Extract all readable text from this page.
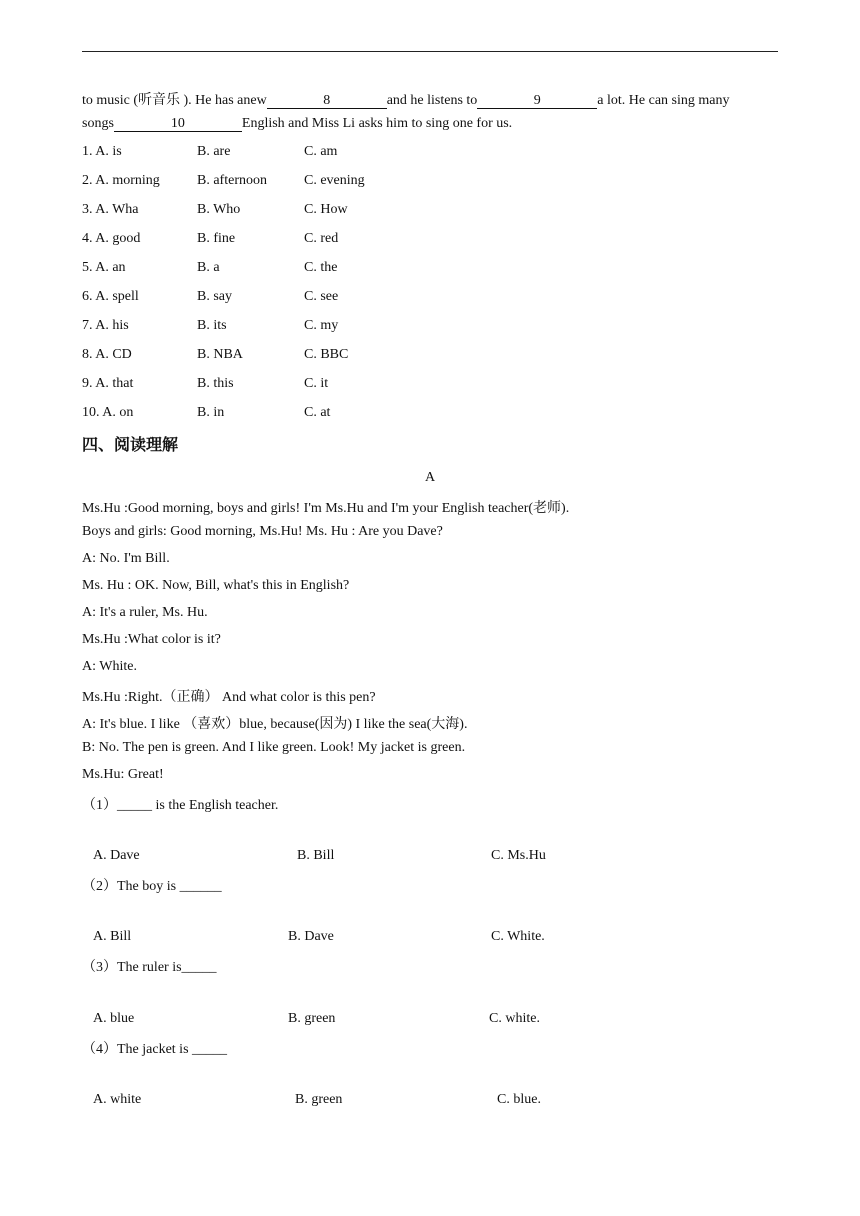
to music (听音乐 ). He has anew	8	and he listens to	9	a lot. He can sing many
songs	10	English and Miss Li asks him to sing one for us.
1. A. is	B. are	C. am
2. A. morning	B. afternoon	C. evening
3. A. Wha	B. Who	C. How
4. A. good	B. fine	C. red
5. A. an	B. a	C. the
6. A. spell	B. say	C. see
7. A. his	B. its	C. my
8. A. CD	B. NBA	C. BBC
9. A. that	B. this	C. it
10. A. on	B. in	C. at
四、阅读理解
A
Ms.Hu :Good morning, boys and girls! I'm Ms.Hu and I'm your English teacher(老师).
Boys and girls: Good morning, Ms.Hu! Ms. Hu : Are you Dave?
A: No. I'm Bill.
Ms. Hu : OK. Now, Bill, what's this in English?
A: It's a ruler, Ms. Hu.
Ms.Hu :What color is it?
A: White.
Ms.Hu :Right.（正确） And what color is this pen?
A: It's blue. I like （喜欢）blue, because(因为) I like the sea(大海).
B: No. The pen is green. And I like green. Look! My jacket is green.
Ms.Hu: Great!
（1）_____ is the English teacher.
A. Dave	B. Bill	C. Ms.Hu
（2）The boy is ______
A. Bill	B. Dave	C. White.
（3）The ruler is_____
A. blue	B. green	C. white.
（4）The jacket is _____
A. white	B. green	C. blue.
